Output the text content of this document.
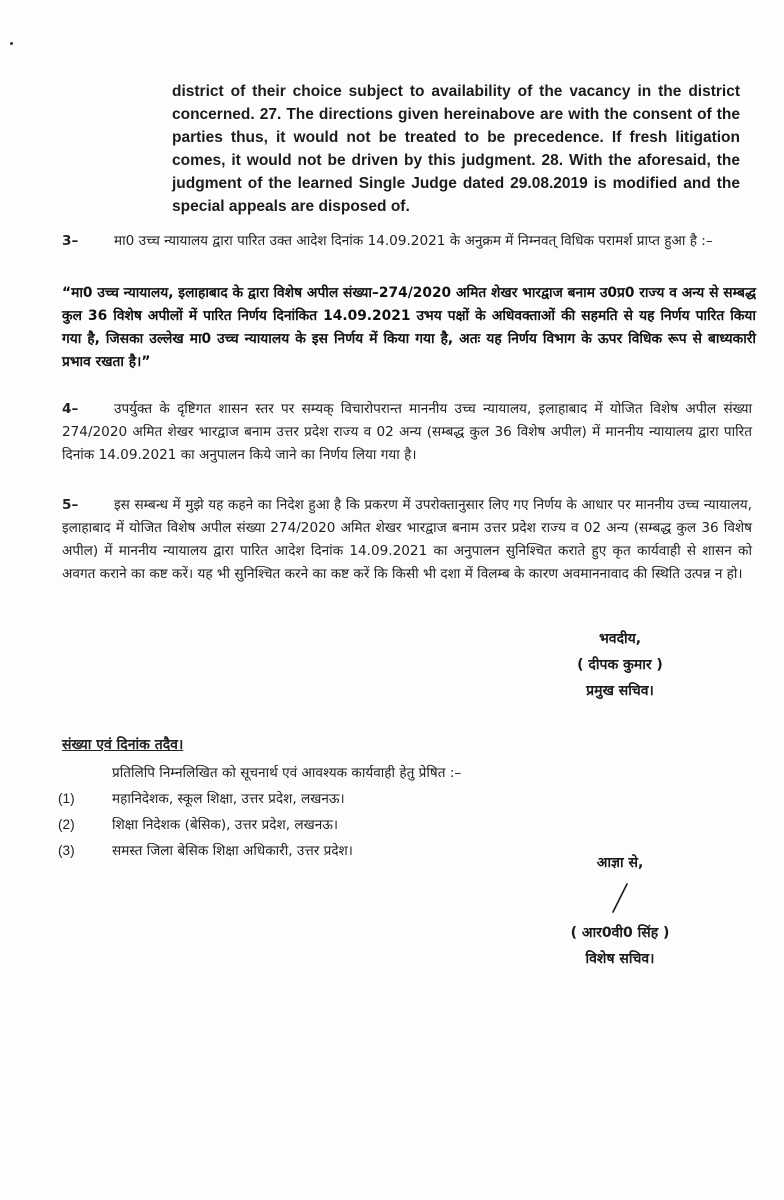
district of their choice subject to availability of the vacancy in the district concerned. 27. The directions given hereinabove are with the consent of the parties thus, it would not be treated to be precedence. If fresh litigation comes, it would not be driven by this judgment. 28. With the aforesaid, the judgment of the learned Single Judge dated 29.08.2019 is modified and the special appeals are disposed of.
3–	मा0 उच्च न्यायालय द्वारा पारित उक्त आदेश दिनांक 14.09.2021 के अनुक्रम में निम्नवत् विधिक परामर्श प्राप्त हुआ है :–
“मा0 उच्च न्यायालय, इलाहाबाद के द्वारा विशेष अपील संख्या–274/2020 अमित शेखर भारद्वाज बनाम उ0प्र0 राज्य व अन्य से सम्बद्ध कुल 36 विशेष अपीलों में पारित निर्णय दिनांकित 14.09.2021 उभय पक्षों के अधिवक्ताओं की सहमति से यह निर्णय पारित किया गया है, जिसका उल्लेख मा0 उच्च न्यायालय के इस निर्णय में किया गया है, अतः यह निर्णय विभाग के ऊपर विधिक रूप से बाध्यकारी प्रभाव रखता है।”
4–	उपर्युक्त के दृष्टिगत शासन स्तर पर सम्यक् विचारोपरान्त माननीय उच्च न्यायालय, इलाहाबाद में योजित विशेष अपील संख्या 274/2020 अमित शेखर भारद्वाज बनाम उत्तर प्रदेश राज्य व 02 अन्य (सम्बद्ध कुल 36 विशेष अपील) में माननीय न्यायालय द्वारा पारित दिनांक 14.09.2021 का अनुपालन किये जाने का निर्णय लिया गया है।
5–	इस सम्बन्ध में मुझे यह कहने का निदेश हुआ है कि प्रकरण में उपरोक्तानुसार लिए गए निर्णय के आधार पर माननीय उच्च न्यायालय, इलाहाबाद में योजित विशेष अपील संख्या 274/2020 अमित शेखर भारद्वाज बनाम उत्तर प्रदेश राज्य व 02 अन्य (सम्बद्ध कुल 36 विशेष अपील) में माननीय न्यायालय द्वारा पारित आदेश दिनांक 14.09.2021 का अनुपालन सुनिश्चित कराते हुए कृत कार्यवाही से शासन को अवगत कराने का कष्ट करें। यह भी सुनिश्चित करने का कष्ट करें कि किसी भी दशा में विलम्ब के कारण अवमाननावाद की स्थिति उत्पन्न न हो।
भवदीय,
( दीपक कुमार )
प्रमुख सचिव।
संख्या एवं दिनांक तदैव।
प्रतिलिपि निम्नलिखित को सूचनार्थ एवं आवश्यक कार्यवाही हेतु प्रेषित :–
(1)	महानिदेशक, स्कूल शिक्षा, उत्तर प्रदेश, लखनऊ।
(2)	शिक्षा निदेशक (बेसिक), उत्तर प्रदेश, लखनऊ।
(3)	समस्त जिला बेसिक शिक्षा अधिकारी, उत्तर प्रदेश।
आज्ञा से,
( आर0वी0 सिंह )
विशेष सचिव।
